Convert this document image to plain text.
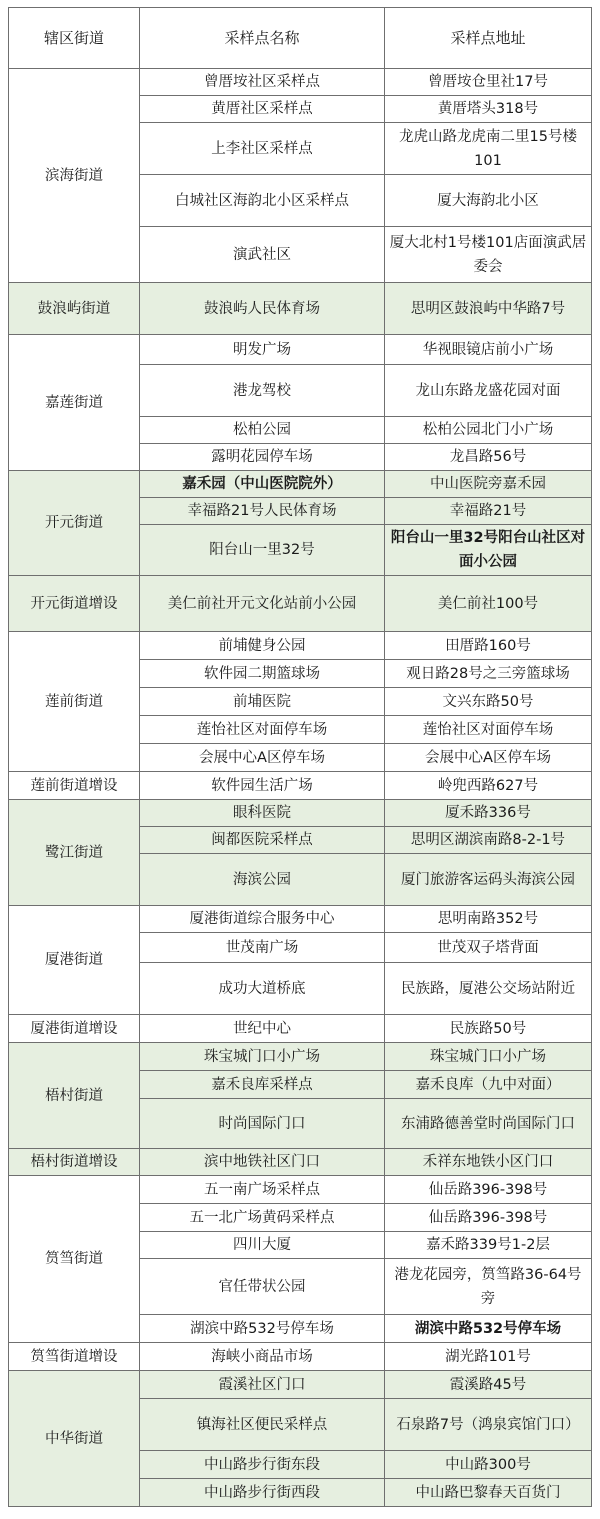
辖区街道	采样点名称	采样点地址
滨海街道	曾厝垵社区采样点	曾厝垵仓里社17号
	黄厝社区采样点	黄厝塔头318号
	上李社区采样点	龙虎山路龙虎南二里15号楼101
	白城社区海韵北小区采样点	厦大海韵北小区
	演武社区	厦大北村1号楼101店面演武居委会
鼓浪屿街道	鼓浪屿人民体育场	思明区鼓浪屿中华路7号
嘉莲街道	明发广场	华视眼镜店前小广场
	港龙驾校	龙山东路龙盛花园对面
	松柏公园	松柏公园北门小广场
	露明花园停车场	龙昌路56号
开元街道	嘉禾园（中山医院院外）	中山医院旁嘉禾园
	幸福路21号人民体育场	幸福路21号
	阳台山一里32号	阳台山一里32号阳台山社区对面小公园
开元街道增设	美仁前社开元文化站前小公园	美仁前社100号
莲前街道	前埔健身公园	田厝路160号
	软件园二期篮球场	观日路28号之三旁篮球场
	前埔医院	文兴东路50号
	莲怡社区对面停车场	莲怡社区对面停车场
	会展中心A区停车场	会展中心A区停车场
莲前街道增设	软件园生活广场	岭兜西路627号
鹭江街道	眼科医院	厦禾路336号
	闽都医院采样点	思明区湖滨南路8-2-1号
	海滨公园	厦门旅游客运码头海滨公园
厦港街道	厦港街道综合服务中心	思明南路352号
	世茂南广场	世茂双子塔背面
	成功大道桥底	民族路，厦港公交场站附近
厦港街道增设	世纪中心	民族路50号
梧村街道	珠宝城门口小广场	珠宝城门口小广场
	嘉禾良库采样点	嘉禾良库（九中对面）
	时尚国际门口	东浦路德善堂时尚国际门口
梧村街道增设	滨中地铁社区门口	禾祥东地铁小区门口
筼筜街道	五一南广场采样点	仙岳路396-398号
	五一北广场黄码采样点	仙岳路396-398号
	四川大厦	嘉禾路339号1-2层
	官任带状公园	港龙花园旁，筼筜路36-64号旁
	湖滨中路532号停车场	湖滨中路532号停车场
筼筜街道增设	海峡小商品市场	湖光路101号
中华街道	霞溪社区门口	霞溪路45号
	镇海社区便民采样点	石泉路7号（鸿泉宾馆门口）
	中山路步行街东段	中山路300号
	中山路步行街西段	中山路巴黎春天百货门
